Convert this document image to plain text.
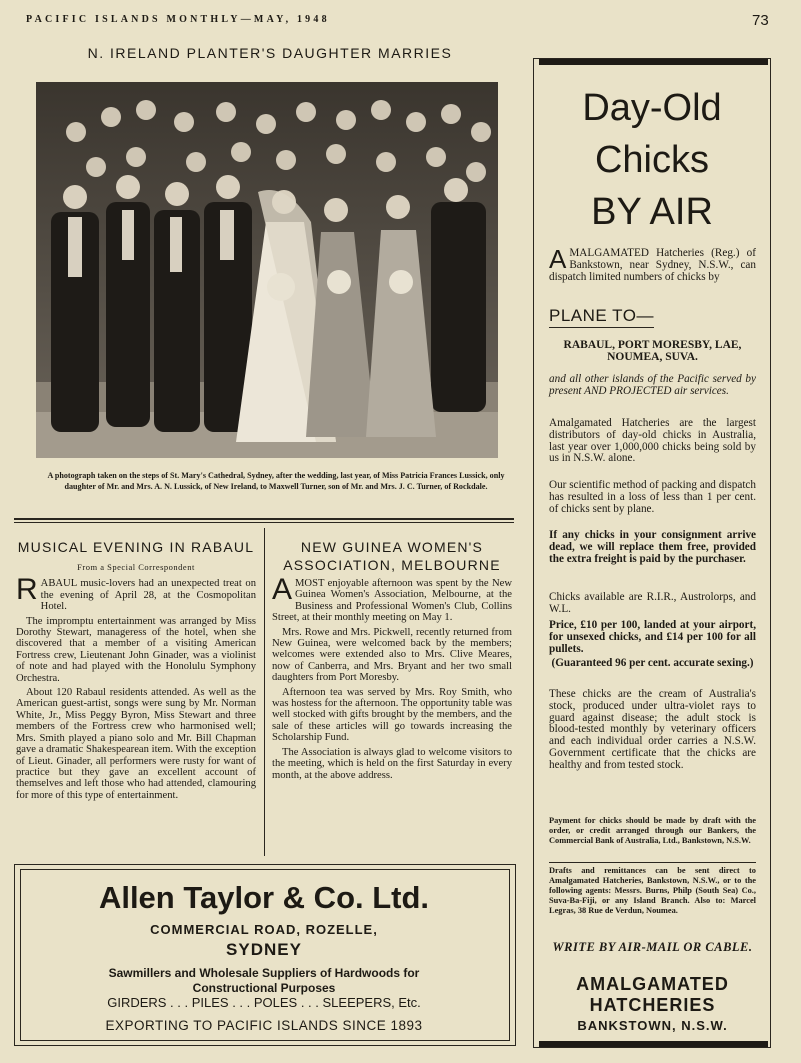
PACIFIC ISLANDS MONTHLY—MAY, 1948	73
N. IRELAND PLANTER'S DAUGHTER MARRIES
A photograph taken on the steps of St. Mary's Cathedral, Sydney, after the wedding, last year, of Miss Patricia Frances Lussick, only daughter of Mr. and Mrs. A. N. Lussick, of New Ireland, to Maxwell Turner, son of Mr. and Mrs. J. C. Turner, of Rockdale.
MUSICAL EVENING IN RABAUL
From a Special Correspondent

RABAUL music-lovers had an unexpected treat on the evening of April 28, at the Cosmopolitan Hotel.

The impromptu entertainment was arranged by Miss Dorothy Stewart, manageress of the hotel, when she discovered that a member of a visiting American Fortress crew, Lieutenant John Ginader, was a violinist of note and had played with the Honolulu Symphony Orchestra.

About 120 Rabaul residents attended. As well as the American guest-artist, songs were sung by Mr. Norman White, Jr., Miss Peggy Byron, Miss Stewart and three members of the Fortress crew who harmonised well; Mrs. Smith played a piano solo and Mr. Bill Chapman gave a dramatic Shakespearean item. With the exception of Lieut. Ginader, all performers were rusty for want of practice but they gave an excellent account of themselves and left those who had attended, clamouring for more of this type of entertainment.

NEW GUINEA WOMEN'S ASSOCIATION, MELBOURNE

AMOST enjoyable afternoon was spent by the New Guinea Women's Association, Melbourne, at the Business and Professional Women's Club, Collins Street, at their monthly meeting on May 1.

Mrs. Rowe and Mrs. Pickwell, recently returned from New Guinea, were welcomed back by the members; welcomes were extended also to Mrs. Clive Meares, now of Canberra, and Mrs. Bryant and her two small daughters from Port Moresby.

Afternoon tea was served by Mrs. Roy Smith, who was hostess for the afternoon. The opportunity table was well stocked with gifts brought by the members, and the sale of these articles will go towards increasing the Scholarship Fund.

The Association is always glad to welcome visitors to the meeting, which is held on the first Saturday in every month, at the above address.

Allen Taylor & Co. Ltd.
COMMERCIAL ROAD, ROZELLE,
SYDNEY
Sawmillers and Wholesale Suppliers of Hardwoods for
Constructional Purposes
GIRDERS . . . PILES . . . POLES . . . SLEEPERS, Etc.
EXPORTING TO PACIFIC ISLANDS SINCE 1893
Day-Old
Chicks
BY AIR

AMALGAMATED Hatcheries (Reg.) of Bankstown, near Sydney, N.S.W., can dispatch limited numbers of chicks by

PLANE TO—
RABAUL, PORT MORESBY, LAE, NOUMEA, SUVA.
and all other islands of the Pacific served by present AND PROJECTED air services.
Amalgamated Hatcheries are the largest distributors of day-old chicks in Australia, last year over 1,000,000 chicks being sold by us in N.S.W. alone.
Our scientific method of packing and dispatch has resulted in a loss of less than 1 per cent. of chicks sent by plane.
If any chicks in your consignment arrive dead, we will replace them free, provided the extra freight is paid by the purchaser.
Chicks available are R.I.R., Austrolorps, and W.L.
Price, £10 per 100, landed at your airport, for unsexed chicks, and £14 per 100 for all pullets.
(Guaranteed 96 per cent. accurate sexing.)
These chicks are the cream of Australia's stock, produced under ultra-violet rays to guard against disease; the adult stock is blood-tested monthly by veterinary officers and each individual order carries a N.S.W. Government certificate that the chicks are healthy and from tested stock.
Payment for chicks should be made by draft with the order, or credit arranged through our Bankers, the Commercial Bank of Australia, Ltd., Bankstown, N.S.W.
Drafts and remittances can be sent direct to Amalgamated Hatcheries, Bankstown, N.S.W., or to the following agents: Messrs. Burns, Philp (South Sea) Co., Suva-Ba-Fiji, or any Island Branch. Also to: Marcel Legras, 38 Rue de Verdun, Noumea.
WRITE BY AIR-MAIL OR CABLE.
AMALGAMATED HATCHERIES
BANKSTOWN, N.S.W.
